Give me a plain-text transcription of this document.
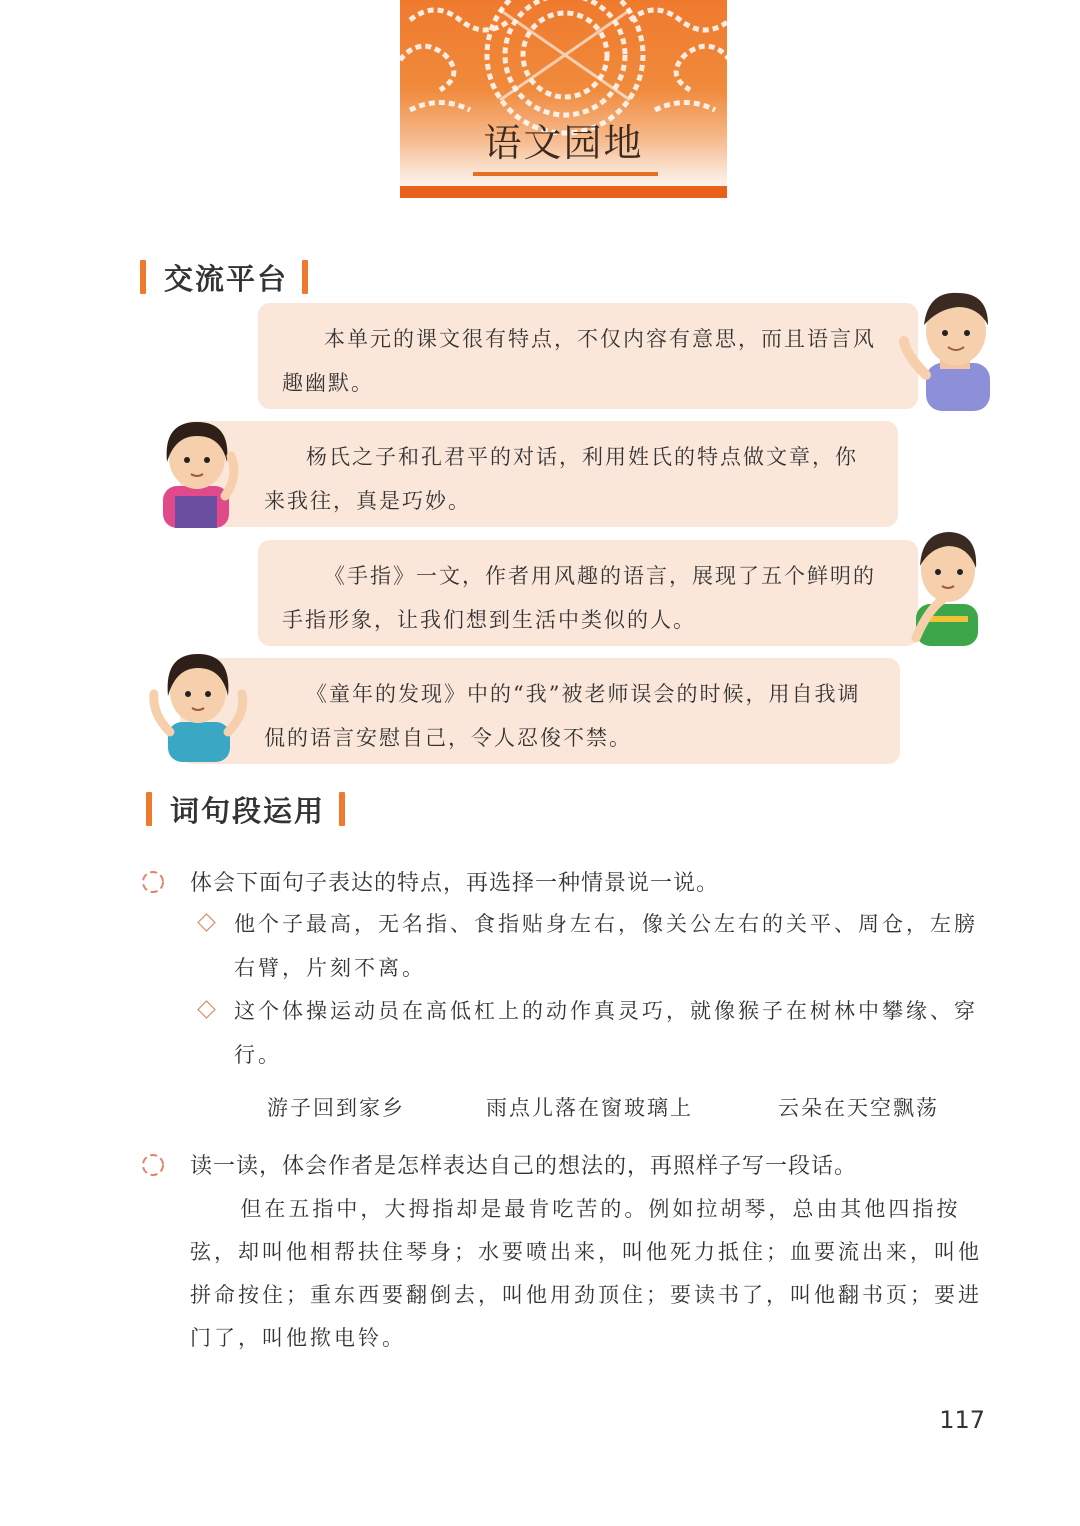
语文园地
交流平台

本单元的课文很有特点，不仅内容有意思，而且语言风趣幽默。

杨氏之子和孔君平的对话，利用姓氏的特点做文章，你来我往，真是巧妙。

《手指》一文，作者用风趣的语言，展现了五个鲜明的手指形象，让我们想到生活中类似的人。

《童年的发现》中的“我”被老师误会的时候，用自我调侃的语言安慰自己，令人忍俊不禁。

词句段运用
体会下面句子表达的特点，再选择一种情景说一说。
他个子最高，无名指、食指贴身左右，像关公左右的关平、周仓，左膀右臂，片刻不离。
这个体操运动员在高低杠上的动作真灵巧，就像猴子在树林中攀缘、穿行。
游子回到家乡	雨点儿落在窗玻璃上	云朵在天空飘荡
读一读，体会作者是怎样表达自己的想法的，再照样子写一段话。

但在五指中，大拇指却是最肯吃苦的。例如拉胡琴，总由其他四指按弦，却叫他相帮扶住琴身；水要喷出来，叫他死力抵住；血要流出来，叫他拼命按住；重东西要翻倒去，叫他用劲顶住；要读书了，叫他翻书页；要进门了，叫他揿电铃。

117
